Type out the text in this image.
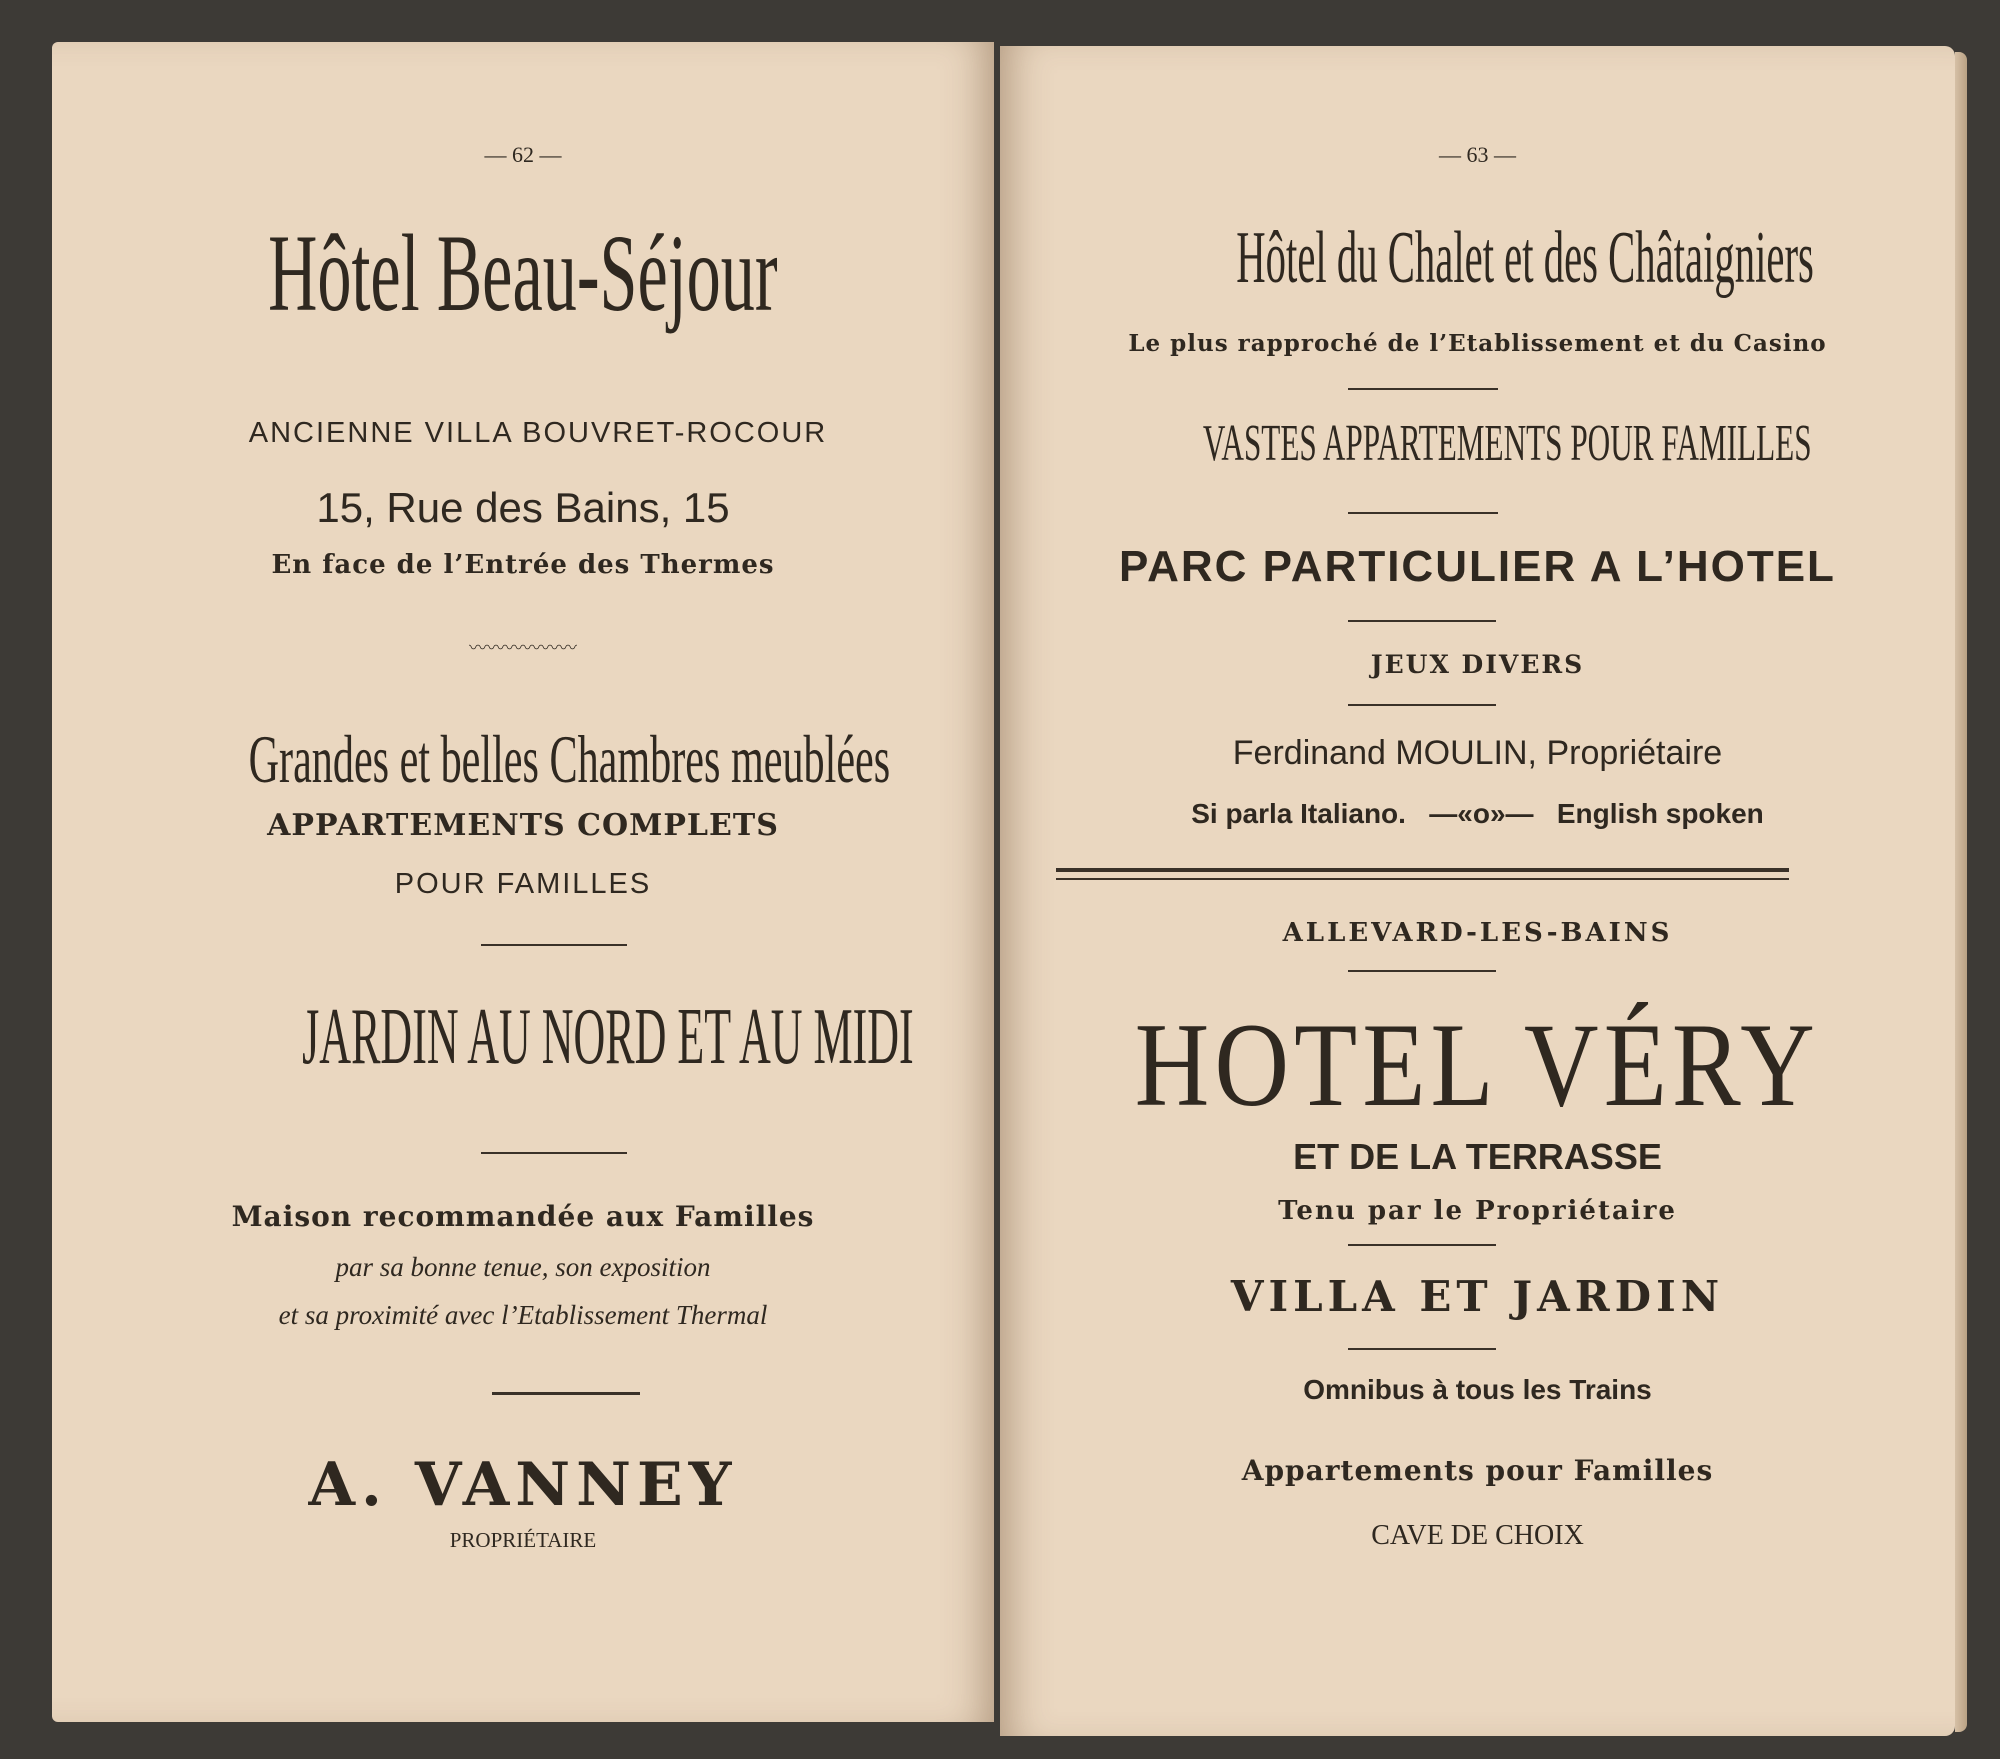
— 62 —
Hôtel Beau-Séjour
ANCIENNE VILLA BOUVRET-ROCOUR
15, Rue des Bains, 15
En face de l’Entrée des Thermes
〰〰〰〰〰〰
Grandes et belles Chambres meublées
APPARTEMENTS COMPLETS
POUR FAMILLES
JARDIN AU NORD ET AU MIDI
Maison recommandée aux Familles
par sa bonne tenue, son exposition
et sa proximité avec l’Etablissement Thermal
A. VANNEY
PROPRIÉTAIRE
— 63 —
Hôtel du Chalet et des Châtaigniers
Le plus rapproché de l’Etablissement et du Casino
VASTES APPARTEMENTS POUR FAMILLES
PARC PARTICULIER A L’HOTEL
JEUX DIVERS
Ferdinand MOULIN, Propriétaire
Si parla Italiano.   —«o»—   English spoken
ALLEVARD-LES-BAINS
HOTEL VÉRY
ET DE LA TERRASSE
Tenu par le Propriétaire
VILLA ET JARDIN
Omnibus à tous les Trains
Appartements pour Familles
CAVE DE CHOIX
